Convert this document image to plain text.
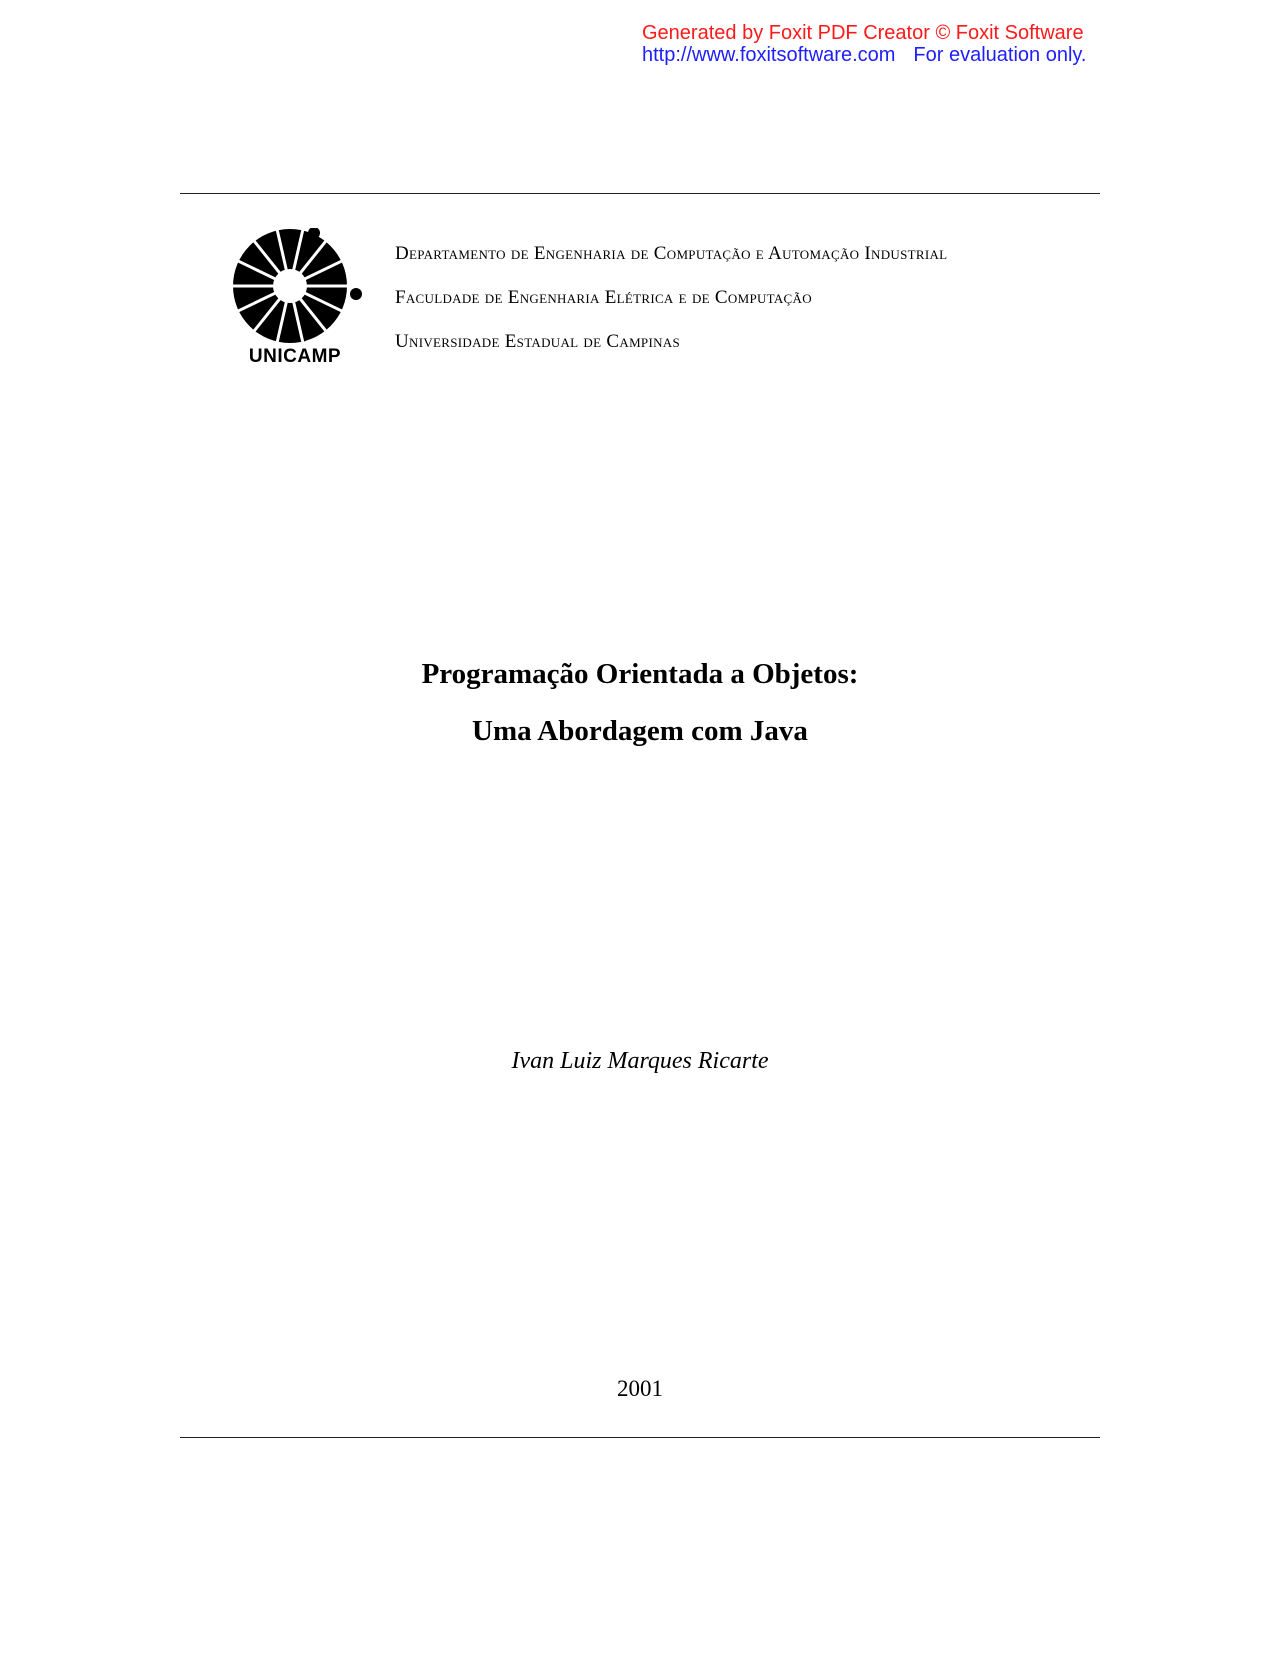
Generated by Foxit PDF Creator © Foxit Software
http://www.foxitsoftware.com For evaluation only.
UNICAMP
Departamento de Engenharia de Computação e Automação Industrial
Faculdade de Engenharia Elétrica e de Computação
Universidade Estadual de Campinas
Programação Orientada a Objetos:
Uma Abordagem com Java
Ivan Luiz Marques Ricarte
2001
